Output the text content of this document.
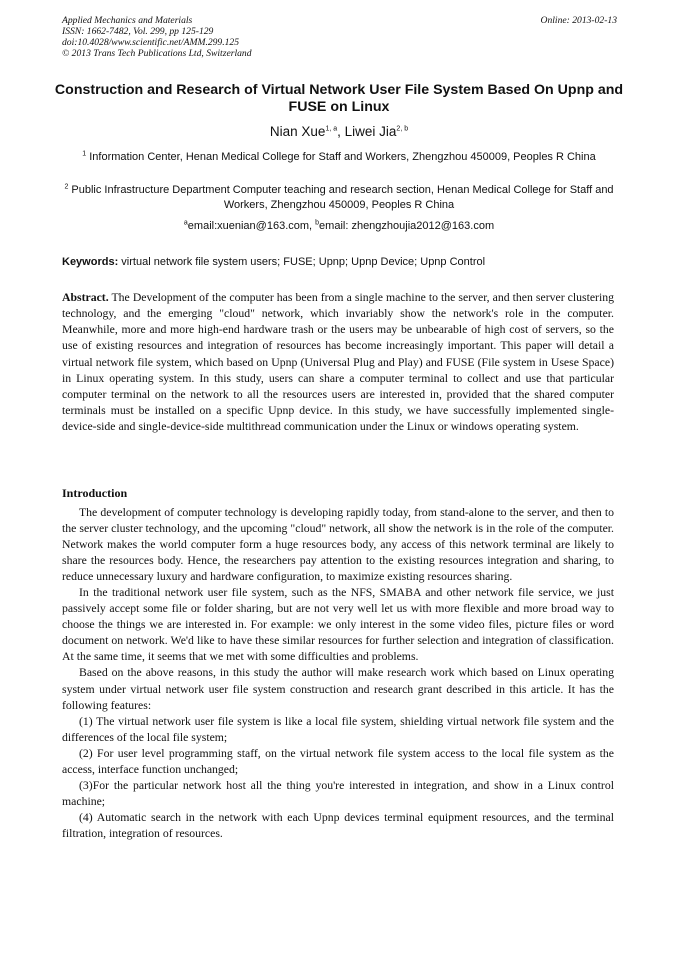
Applied Mechanics and Materials
ISSN: 1662-7482, Vol. 299, pp 125-129
doi:10.4028/www.scientific.net/AMM.299.125
© 2013 Trans Tech Publications Ltd, Switzerland
Online: 2013-02-13
Construction and Research of Virtual Network User File System Based On Upnp and FUSE on Linux
Nian Xue$^{1, a}$, Liwei Jia$^{2, b}$
$^1$ Information Center, Henan Medical College for Staff and Workers, Zhengzhou 450009, Peoples R China
$^2$ Public Infrastructure Department Computer teaching and research section, Henan Medical College for Staff and Workers, Zhengzhou 450009, Peoples R China
$^a$email:xuenian@163.com, $^b$email: zhengzhoujia2012@163.com
Keywords: virtual network file system users; FUSE; Upnp; Upnp Device; Upnp Control
Abstract. The Development of the computer has been from a single machine to the server, and then server clustering technology, and the emerging "cloud" network, which invariably show the network's role in the computer. Meanwhile, more and more high-end hardware trash or the users may be unbearable of high cost of servers, so the use of existing resources and integration of resources has become increasingly important. This paper will detail a virtual network file system, which based on Upnp (Universal Plug and Play) and FUSE (File system in Usese Space) in Linux operating system. In this study, users can share a computer terminal to collect and use that particular computer terminal on the network to all the resources users are interested in, provided that the shared computer terminals must be installed on a specific Upnp device. In this study, we have successfully implemented single-device-side and single-device-side multithread communication under the Linux or windows operating system.
Introduction

The development of computer technology is developing rapidly today, from stand-alone to the server, and then to the server cluster technology, and the upcoming "cloud" network, all show the network is in the role of the computer. Network makes the world computer form a huge resources body, any access of this network terminal are likely to share the resources body. Hence, the researchers pay attention to the existing resources integration and sharing, to reduce unnecessary luxury and hardware configuration, to maximize existing resources sharing.

In the traditional network user file system, such as the NFS, SMABA and other network file service, we just passively accept some file or folder sharing, but are not very well let us with more flexible and more broad way to choose the things we are interested in. For example: we only interest in the some video files, picture files or word document on network. We'd like to have these similar resources for further selection and integration of classification. At the same time, it seems that we met with some difficulties and problems.

Based on the above reasons, in this study the author will make research work which based on Linux operating system under virtual network user file system construction and research grant described in this article. It has the following features:

(1) The virtual network user file system is like a local file system, shielding virtual network file system and the differences of the local file system;

(2) For user level programming staff, on the virtual network file system access to the local file system as the access, interface function unchanged;

(3)For the particular network host all the thing you're interested in integration, and show in a Linux control machine;

(4) Automatic search in the network with each Upnp devices terminal equipment resources, and the terminal filtration, integration of resources.
